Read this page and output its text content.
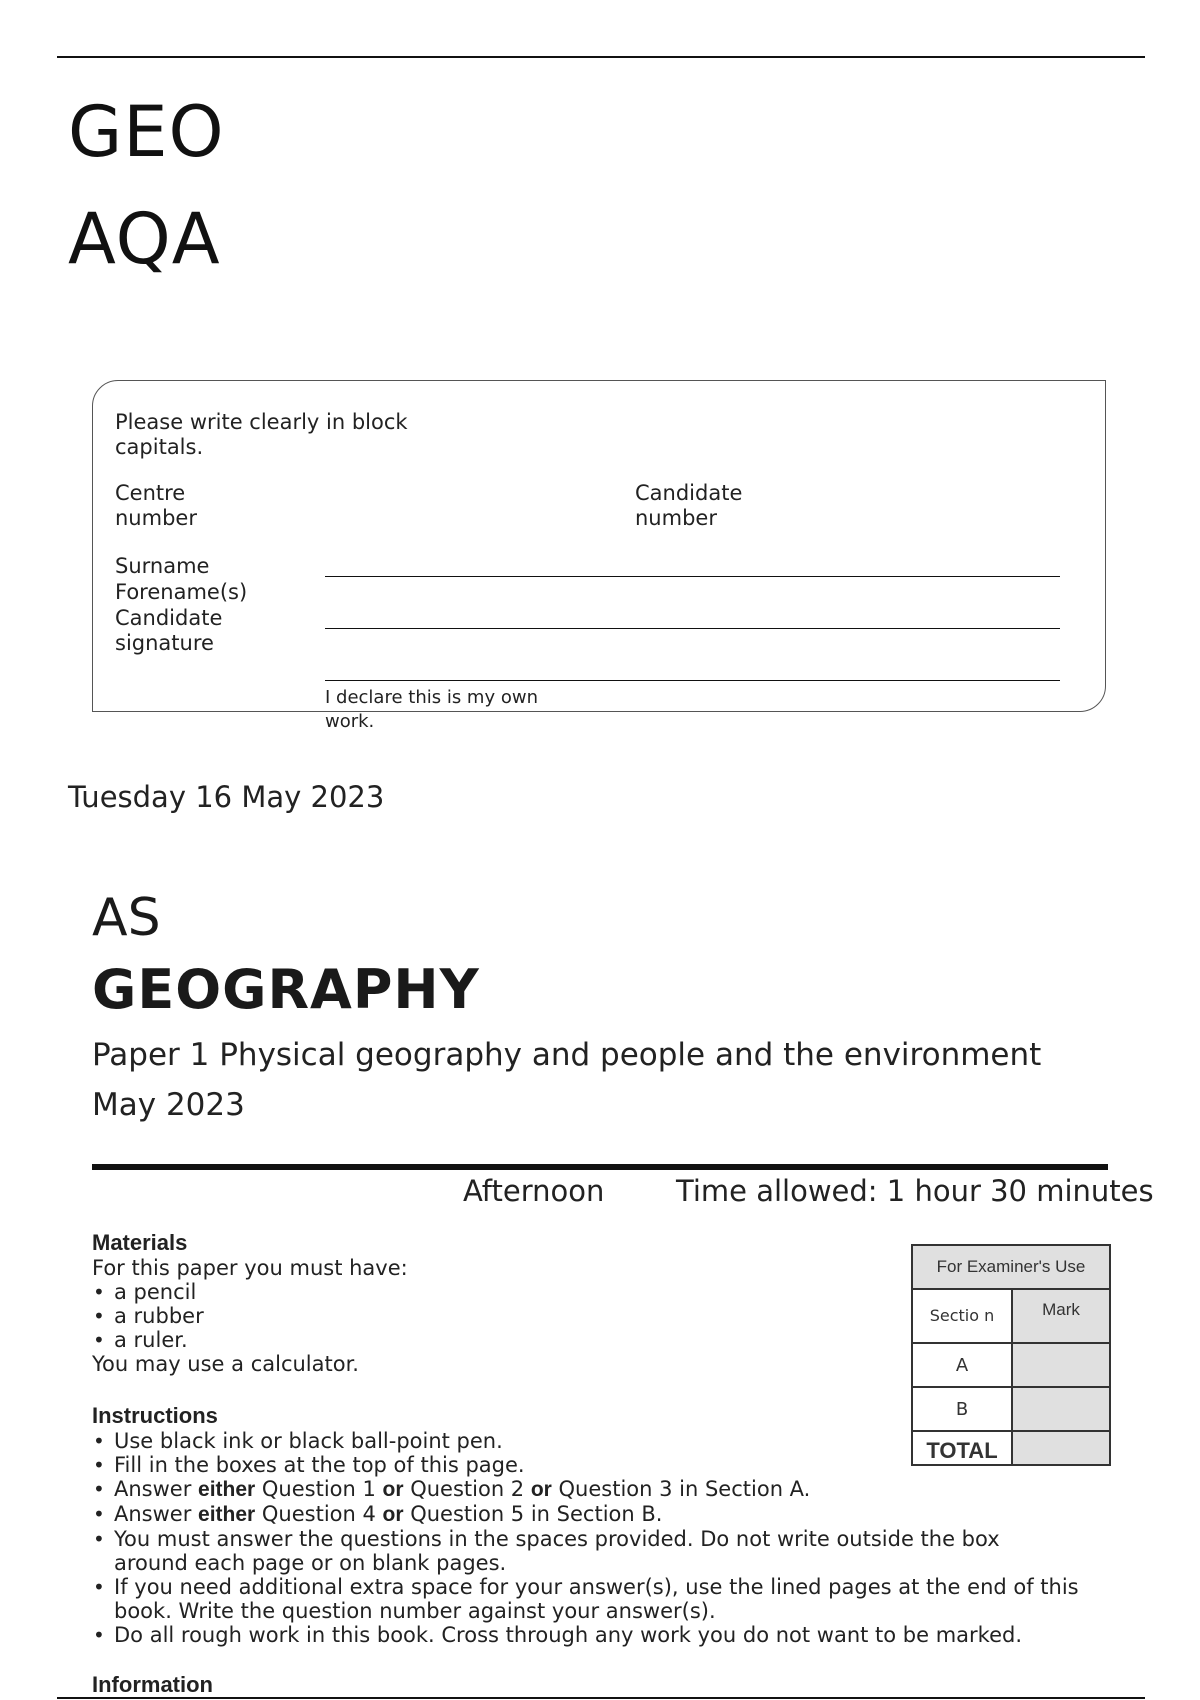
GEO
AQA
Please write clearly in block capitals.
Centre number
Candidate number
Surname
Forename(s)
Candidate signature
I declare this is my own work.
Tuesday 16 May 2023
AS
GEOGRAPHY
Paper 1 Physical geography and people and the environment
May 2023
Afternoon Time allowed: 1 hour 30 minutes
Materials
For this paper you must have:
• a pencil
• a rubber
• a ruler.
You may use a calculator.
Instructions
• Use black ink or black ball-point pen.
• Fill in the boxes at the top of this page.
• Answer either Question 1 or Question 2 or Question 3 in Section A.
• Answer either Question 4 or Question 5 in Section B.
• You must answer the questions in the spaces provided. Do not write outside the box around each page or on blank pages.
• If you need additional extra space for your answer(s), use the lined pages at the end of this book. Write the question number against your answer(s).
• Do all rough work in this book. Cross through any work you do not want to be marked.
Information
For Examiner's Use	
Sectio n	Mark
A	
B	
TOTAL	
